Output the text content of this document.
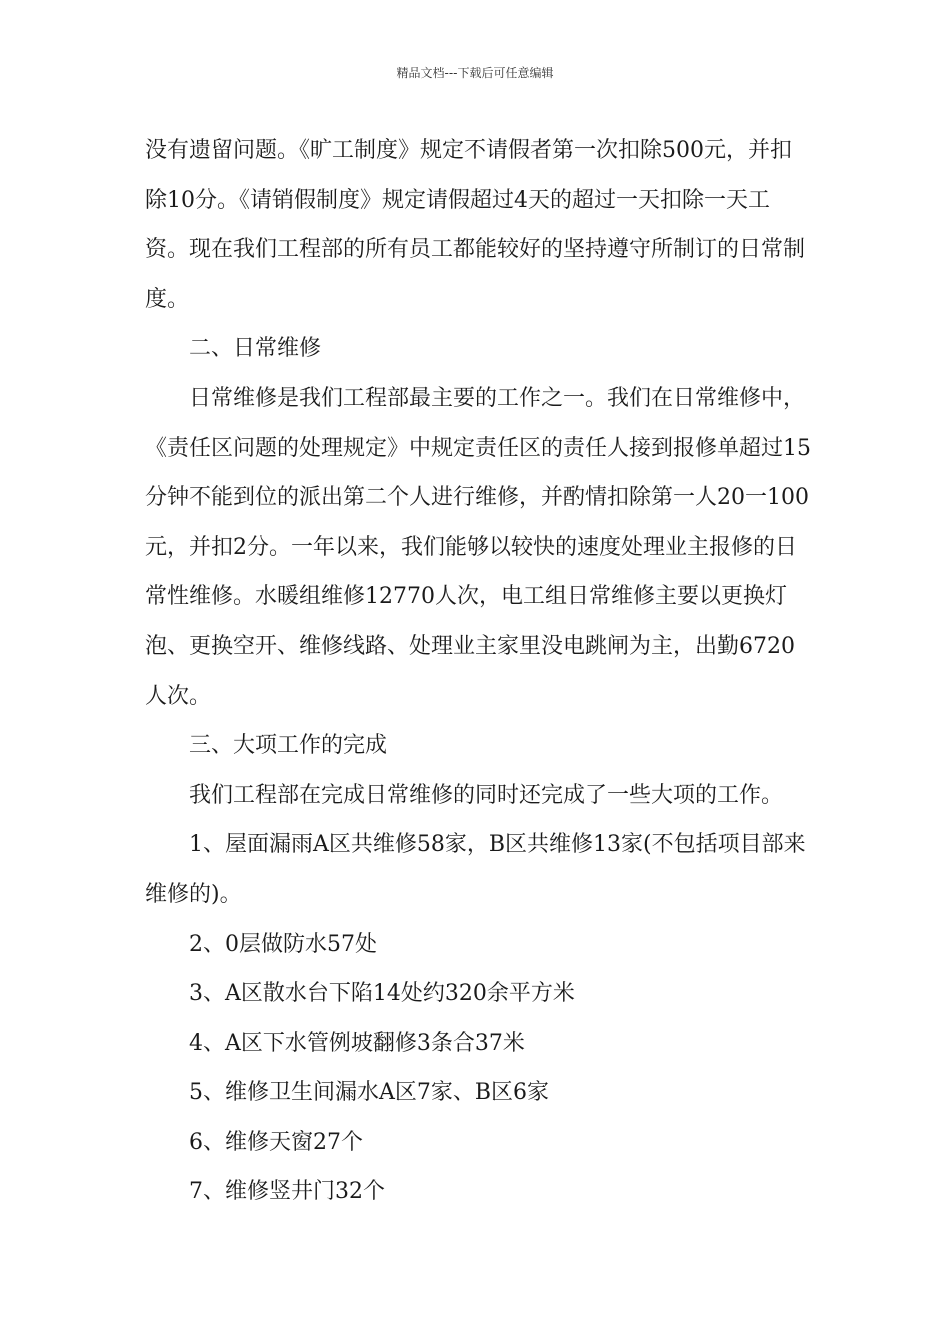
精品文档---下载后可任意编辑

没有遗留问题。《旷工制度》规定不请假者第一次扣除500元，并扣除10分。《请销假制度》规定请假超过4天的超过一天扣除一天工资。现在我们工程部的所有员工都能较好的坚持遵守所制订的日常制度。

二、日常维修

日常维修是我们工程部最主要的工作之一。我们在日常维修中，《责任区问题的处理规定》中规定责任区的责任人接到报修单超过15分钟不能到位的派出第二个人进行维修，并酌情扣除第一人20一100元，并扣2分。一年以来，我们能够以较快的速度处理业主报修的日常性维修。水暖组维修12770人次，电工组日常维修主要以更换灯泡、更换空开、维修线路、处理业主家里没电跳闸为主，出勤6720人次。

三、大项工作的完成

我们工程部在完成日常维修的同时还完成了一些大项的工作。

1、屋面漏雨A区共维修58家，B区共维修13家(不包括项目部来维修的)。

2、0层做防水57处

3、A区散水台下陷14处约320余平方米

4、A区下水管例坡翻修3条合37米

5、维修卫生间漏水A区7家、B区6家

6、维修天窗27个

7、维修竖井门32个
